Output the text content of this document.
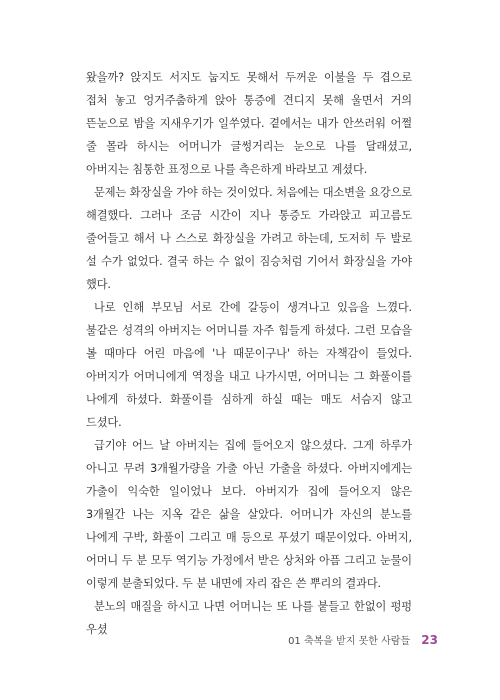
왔을까? 앉지도 서지도 눕지도 못해서 두꺼운 이불을 두 겹으로 접처 놓고 엉거주춤하게 앉아 통증에 견디지 못해 울면서 거의 뜬눈으로 밤을 지새우기가 일쑤였다. 곁에서는 내가 안쓰러워 어쩔 줄 몰라 하시는 어머니가 글썽거리는 눈으로 나를 달래셨고, 아버지는 침통한 표정으로 나를 측은하게 바라보고 계셨다.

문제는 화장실을 가야 하는 것이었다. 처음에는 대소변을 요강으로 해결했다. 그러나 조금 시간이 지나 통증도 가라앉고 피고름도 줄어들고 해서 나 스스로 화장실을 가려고 하는데, 도저히 두 발로 설 수가 없었다. 결국 하는 수 없이 짐승처럼 기어서 화장실을 가야 했다.

나로 인해 부모님 서로 간에 갈등이 생겨나고 있음을 느꼈다. 불같은 성격의 아버지는 어머니를 자주 힘들게 하셨다. 그런 모습을 볼 때마다 어린 마음에 '나 때문이구나' 하는 자책감이 들었다. 아버지가 어머니에게 역정을 내고 나가시면, 어머니는 그 화풀이를 나에게 하셨다. 화풀이를 심하게 하실 때는 매도 서슴지 않고 드셨다.

급기야 어느 날 아버지는 집에 들어오지 않으셨다. 그게 하루가 아니고 무려 3개월가량을 가출 아닌 가출을 하셨다. 아버지에게는 가출이 익숙한 일이었나 보다. 아버지가 집에 들어오지 않은 3개월간 나는 지옥 같은 삶을 살았다. 어머니가 자신의 분노를 나에게 구박, 화풀이 그리고 매 등으로 푸셨기 때문이었다. 아버지, 어머니 두 분 모두 역기능 가정에서 받은 상처와 아픔 그리고 눈물이 이렇게 분출되었다. 두 분 내면에 자리 잡은 쓴 뿌리의 결과다.

분노의 매질을 하시고 나면 어머니는 또 나를 붙들고 한없이 펑펑 우셨

01 축복을 받지 못한 사람들 23
